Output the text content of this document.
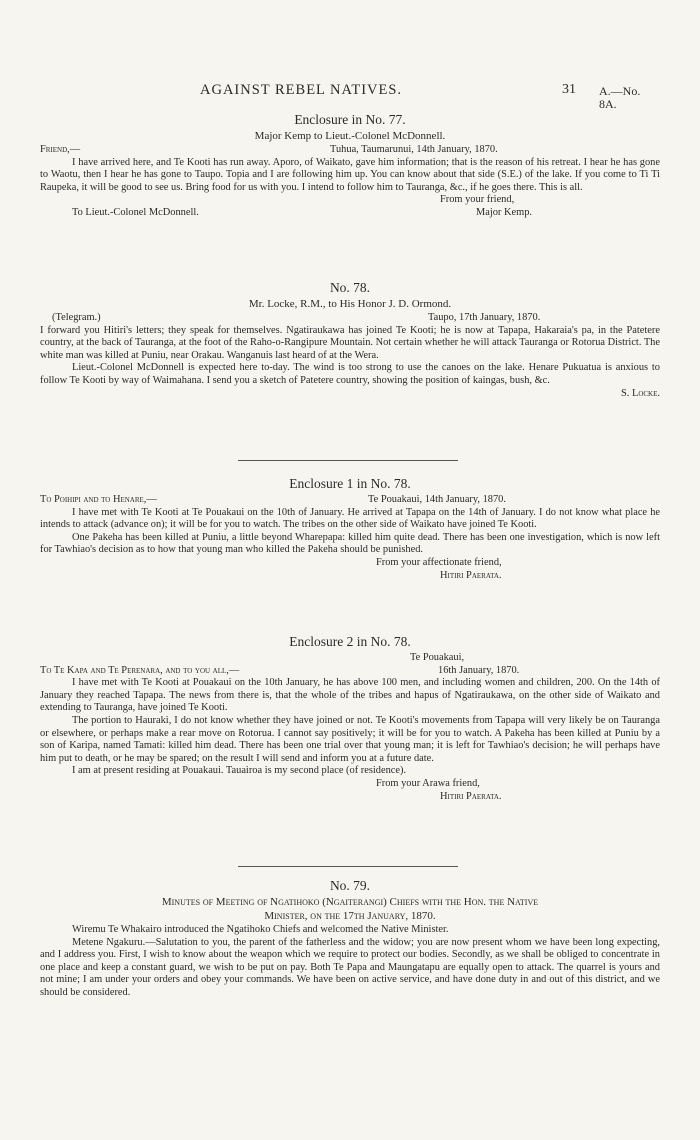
AGAINST REBEL NATIVES.	31 A.—No. 8A.
Enclosure in No. 77.
Major Kemp to Lieut.-Colonel McDonnell.
Friend,—	Tuhua, Taumarunui, 14th January, 1870.

I have arrived here, and Te Kooti has run away. Aporo, of Waikato, gave him information; that is the reason of his retreat. I hear he has gone to Waotu, then I hear he has gone to Taupo. Topia and I are following him up. You can know about that side (S.E.) of the lake. If you come to Ti Ti Raupeka, it will be good to see us. Bring food for us with you. I intend to follow him to Tauranga, &c., if he goes there. This is all.

From your friend,
To Lieut.-Colonel McDonnell.	Major Kemp.
No. 78.
Mr. Locke, R.M., to His Honor J. D. Ormond.
(Telegram.)	Taupo, 17th January, 1870.

I forward you Hitiri's letters; they speak for themselves. Ngatiraukawa has joined Te Kooti; he is now at Tapapa, Hakaraia's pa, in the Patetere country, at the back of Tauranga, at the foot of the Raho-o-Rangipure Mountain. Not certain whether he will attack Tauranga or Rotorua District. The white man was killed at Puniu, near Orakau. Wanganuis last heard of at the Wera.

Lieut.-Colonel McDonnell is expected here to-day. The wind is too strong to use the canoes on the lake. Henare Pukuatua is anxious to follow Te Kooti by way of Waimahana. I send you a sketch of Patetere country, showing the position of kaingas, bush, &c.

S. Locke.
Enclosure 1 in No. 78.
To Poihipi and to Henare,—	Te Pouakaui, 14th January, 1870.

I have met with Te Kooti at Te Pouakaui on the 10th of January. He arrived at Tapapa on the 14th of January. I do not know what place he intends to attack (advance on); it will be for you to watch. The tribes on the other side of Waikato have joined Te Kooti.

One Pakeha has been killed at Puniu, a little beyond Wharepapa: killed him quite dead. There has been one investigation, which is now left for Tawhiao's decision as to how that young man who killed the Pakeha should be punished.

From your affectionate friend,
Hitiri Paerata.
Enclosure 2 in No. 78.
Te Pouakaui,
To Te Kapa and Te Perenara, and to you all,—	16th January, 1870.

I have met with Te Kooti at Pouakaui on the 10th January, he has above 100 men, and including women and children, 200. On the 14th of January they reached Tapapa. The news from there is, that the whole of the tribes and hapus of Ngatiraukawa, on the other side of Waikato and extending to Tauranga, have joined Te Kooti.

The portion to Hauraki, I do not know whether they have joined or not. Te Kooti's movements from Tapapa will very likely be on Tauranga or elsewhere, or perhaps make a rear move on Rotorua. I cannot say positively; it will be for you to watch. A Pakeha has been killed at Puniu by a son of Karipa, named Tamati: killed him dead. There has been one trial over that young man; it is left for Tawhiao's decision; he will perhaps have him put to death, or he may be spared; on the result I will send and inform you at a future date.

I am at present residing at Pouakaui. Tauairoa is my second place (of residence).

From your Arawa friend,
Hitiri Paerata.
No. 79.
Minutes of Meeting of Ngatihoko (Ngaiterangi) Chiefs with the Hon. the Native
Minister, on the 17th January, 1870.

Wiremu Te Whakairo introduced the Ngatihoko Chiefs and welcomed the Native Minister.

Metene Ngakuru.—Salutation to you, the parent of the fatherless and the widow; you are now present whom we have been long expecting, and I address you. First, I wish to know about the weapon which we require to protect our bodies. Secondly, as we shall be obliged to concentrate in one place and keep a constant guard, we wish to be put on pay. Both Te Papa and Maungatapu are equally open to attack. The quarrel is yours and not mine; I am under your orders and obey your commands. We have been on active service, and have done duty in and out of this district, and we should be considered.
